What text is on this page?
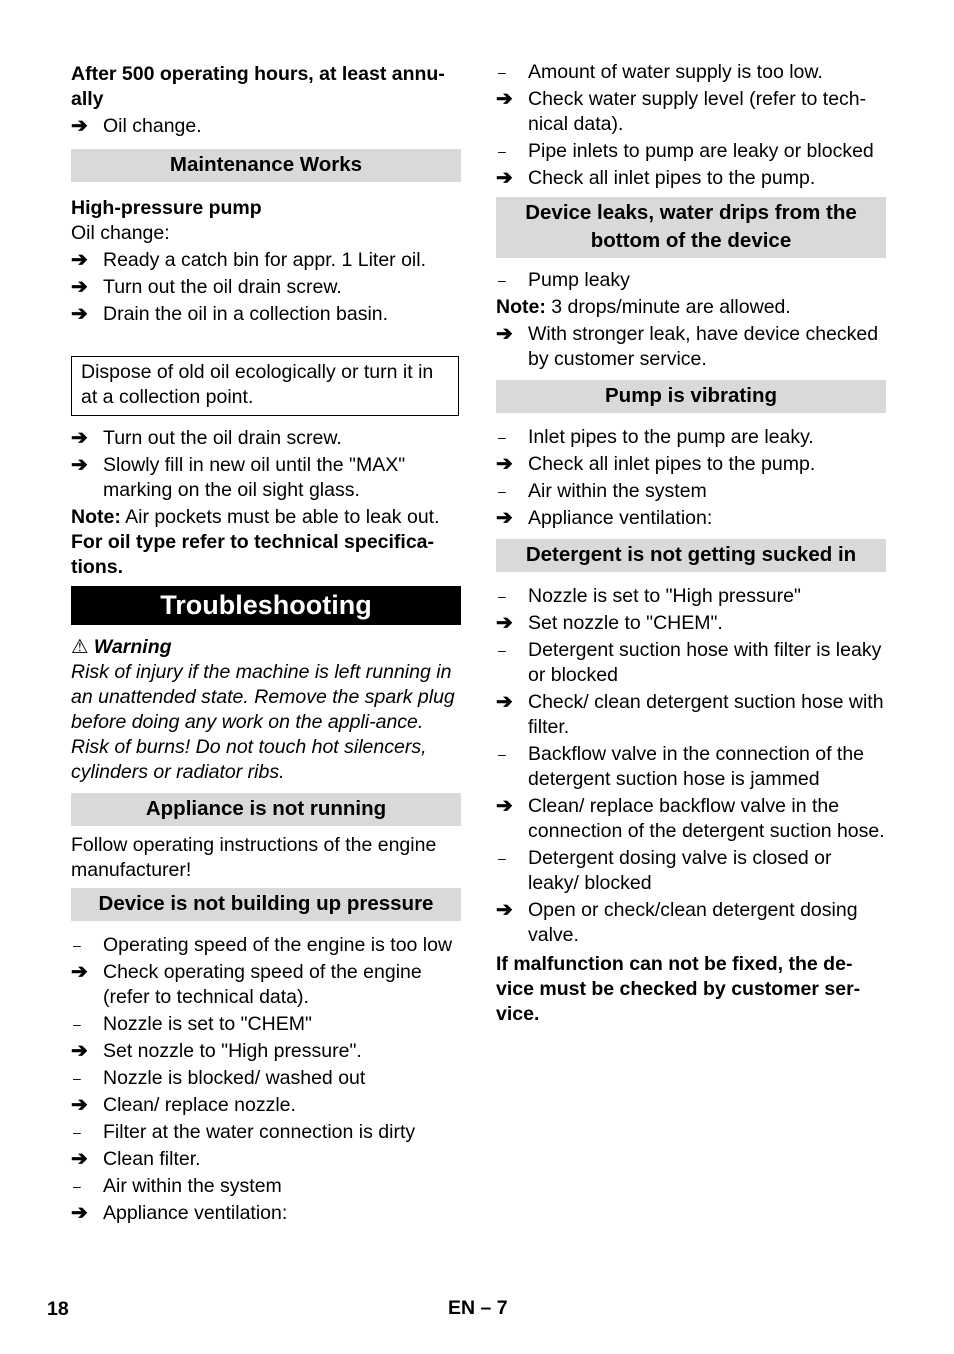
After 500 operating hours, at least annu-ally

➔ Oil change.
Maintenance Works

High-pressure pump

Oil change:

➔ Ready a catch bin for appr. 1 Liter oil.
➔ Turn out the oil drain screw.
➔ Drain the oil in a collection basin.
Dispose of old oil ecologically or turn it in at a collection point.
➔ Turn out the oil drain screw.
➔ Slowly fill in new oil until the "MAX" marking on the oil sight glass.

Note: Air pockets must be able to leak out.

For oil type refer to technical specifica-tions.

Troubleshooting

⚠ Warning

Risk of injury if the machine is left running in an unattended state. Remove the spark plug before doing any work on the appli-ance.

Risk of burns! Do not touch hot silencers, cylinders or radiator ribs.

Appliance is not running

Follow operating instructions of the engine manufacturer!

Device is not building up pressure
–	Operating speed of the engine is too low
➔ Check operating speed of the engine (refer to technical data).
–	Nozzle is set to "CHEM"
➔ Set nozzle to "High pressure".
–	Nozzle is blocked/ washed out
➔ Clean/ replace nozzle.
–	Filter at the water connection is dirty
➔ Clean filter.
–	Air within the system
➔ Appliance ventilation:
–	Amount of water supply is too low.
➔ Check water supply level (refer to tech-nical data).
–	Pipe inlets to pump are leaky or blocked
➔ Check all inlet pipes to the pump.
Device leaks, water drips from the bottom of the device
–	Pump leaky

Note: 3 drops/minute are allowed.

➔ With stronger leak, have device checked by customer service.
Pump is vibrating
–	Inlet pipes to the pump are leaky.
➔ Check all inlet pipes to the pump.
–	Air within the system
➔ Appliance ventilation:
Detergent is not getting sucked in
–	Nozzle is set to "High pressure"
➔ Set nozzle to "CHEM".
–	Detergent suction hose with filter is leaky or blocked
➔ Check/ clean detergent suction hose with filter.
–	Backflow valve in the connection of the detergent suction hose is jammed
➔ Clean/ replace backflow valve in the connection of the detergent suction hose.
–	Detergent dosing valve is closed or leaky/ blocked
➔ Open or check/clean detergent dosing valve.

If malfunction can not be fixed, the de-vice must be checked by customer ser-vice.

18	EN – 7
